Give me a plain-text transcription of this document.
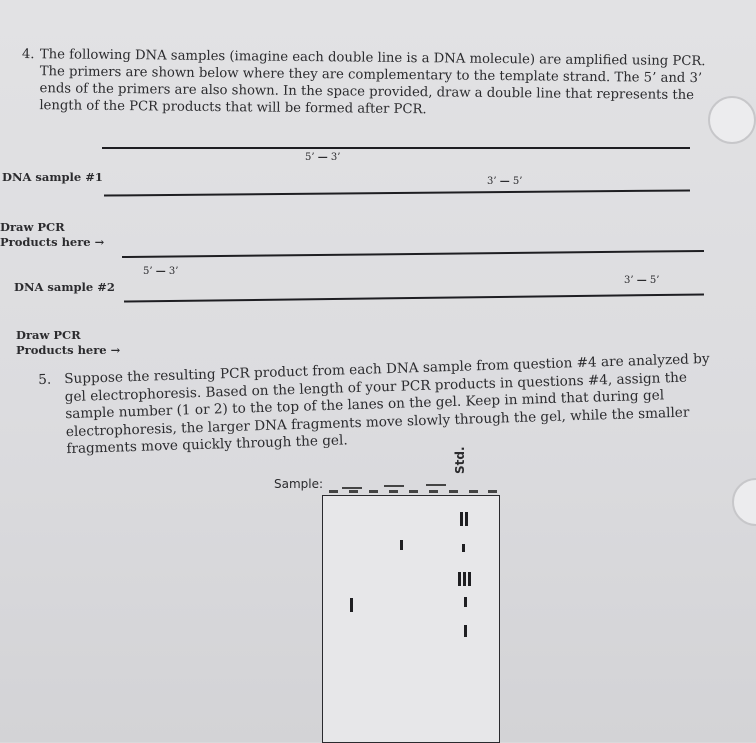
4. The following DNA samples (imagine each double line is a DNA molecule) are amplified using PCR. The primers are shown below where they are complementary to the template strand. The 5’ and 3’ ends of the primers are also shown. In the space provided, draw a double line that represents the length of the PCR products that will be formed after PCR.
5’ — 3’
DNA sample #1	3’ — 5’
Draw PCR
Products here →
5’ — 3’
DNA sample #2	3’ — 5’
Draw PCR
Products here →
5. Suppose the resulting PCR product from each DNA sample from question #4 are analyzed by gel electrophoresis. Based on the length of your PCR products in questions #4, assign the sample number (1 or 2) to the top of the lanes on the gel. Keep in mind that during gel electrophoresis, the larger DNA fragments move slowly through the gel, while the smaller fragments move quickly through the gel.
Sample:
Std.
